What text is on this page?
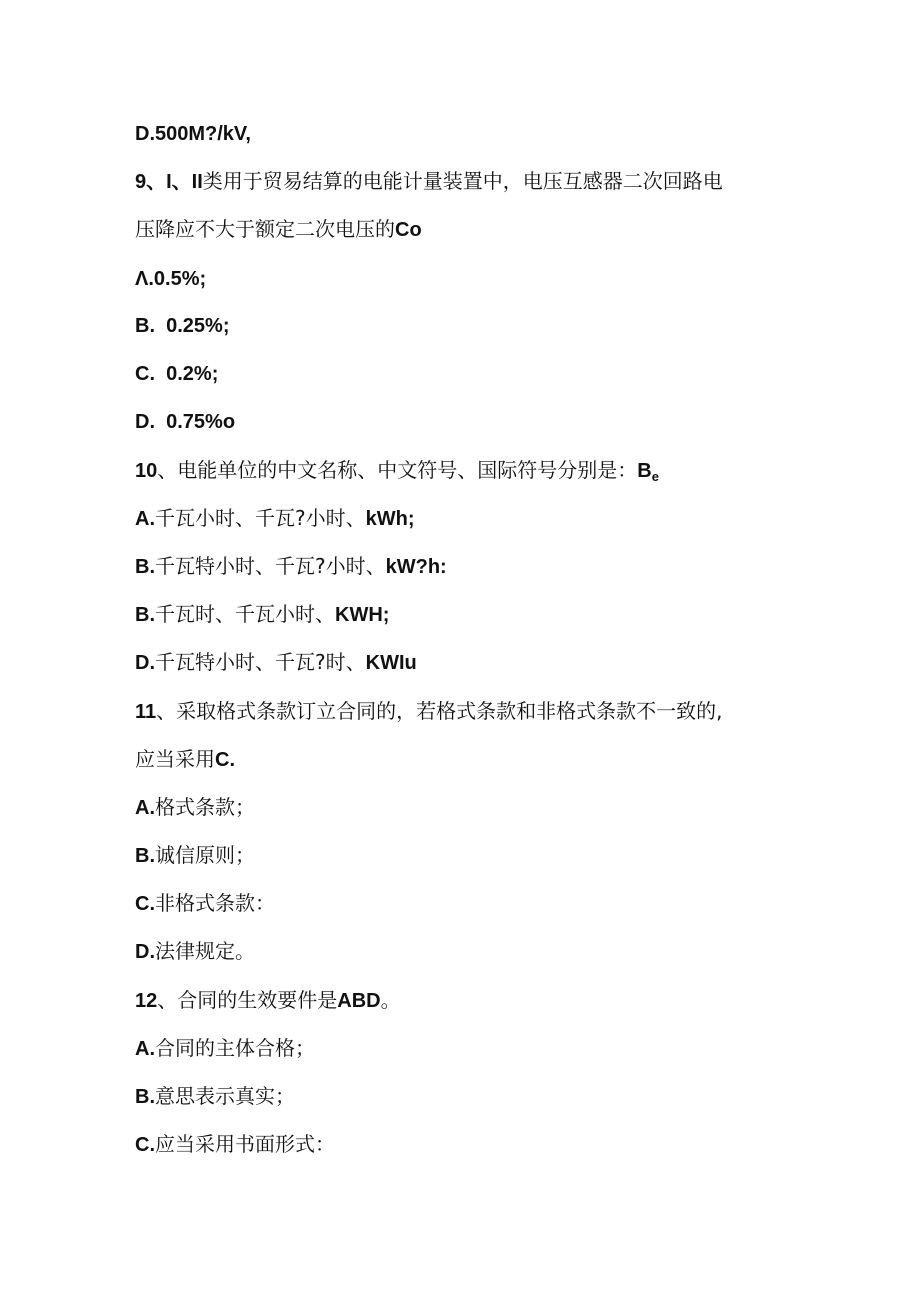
D.500M?/kV,
9、I、II类用于贸易结算的电能计量装置中，电压互感器二次回路电
压降应不大于额定二次电压的Co
Λ.0.5%;
B.  0.25%;
C.  0.2%;
D.  0.75%o
10、电能单位的中文名称、中文符号、国际符号分别是：$B_e$
A.千瓦小时、千瓦?小时、kWh;
B.千瓦特小时、千瓦?小时、kW?h:
B.千瓦时、千瓦小时、KWH;
D.千瓦特小时、千瓦?时、KWIu
11、采取格式条款订立合同的，若格式条款和非格式条款不一致的,
应当采用C.
A.格式条款；
B.诚信原则；
C.非格式条款：
D.法律规定。
12、合同的生效要件是ABD。
A.合同的主体合格；
B.意思表示真实；
C.应当采用书面形式：
